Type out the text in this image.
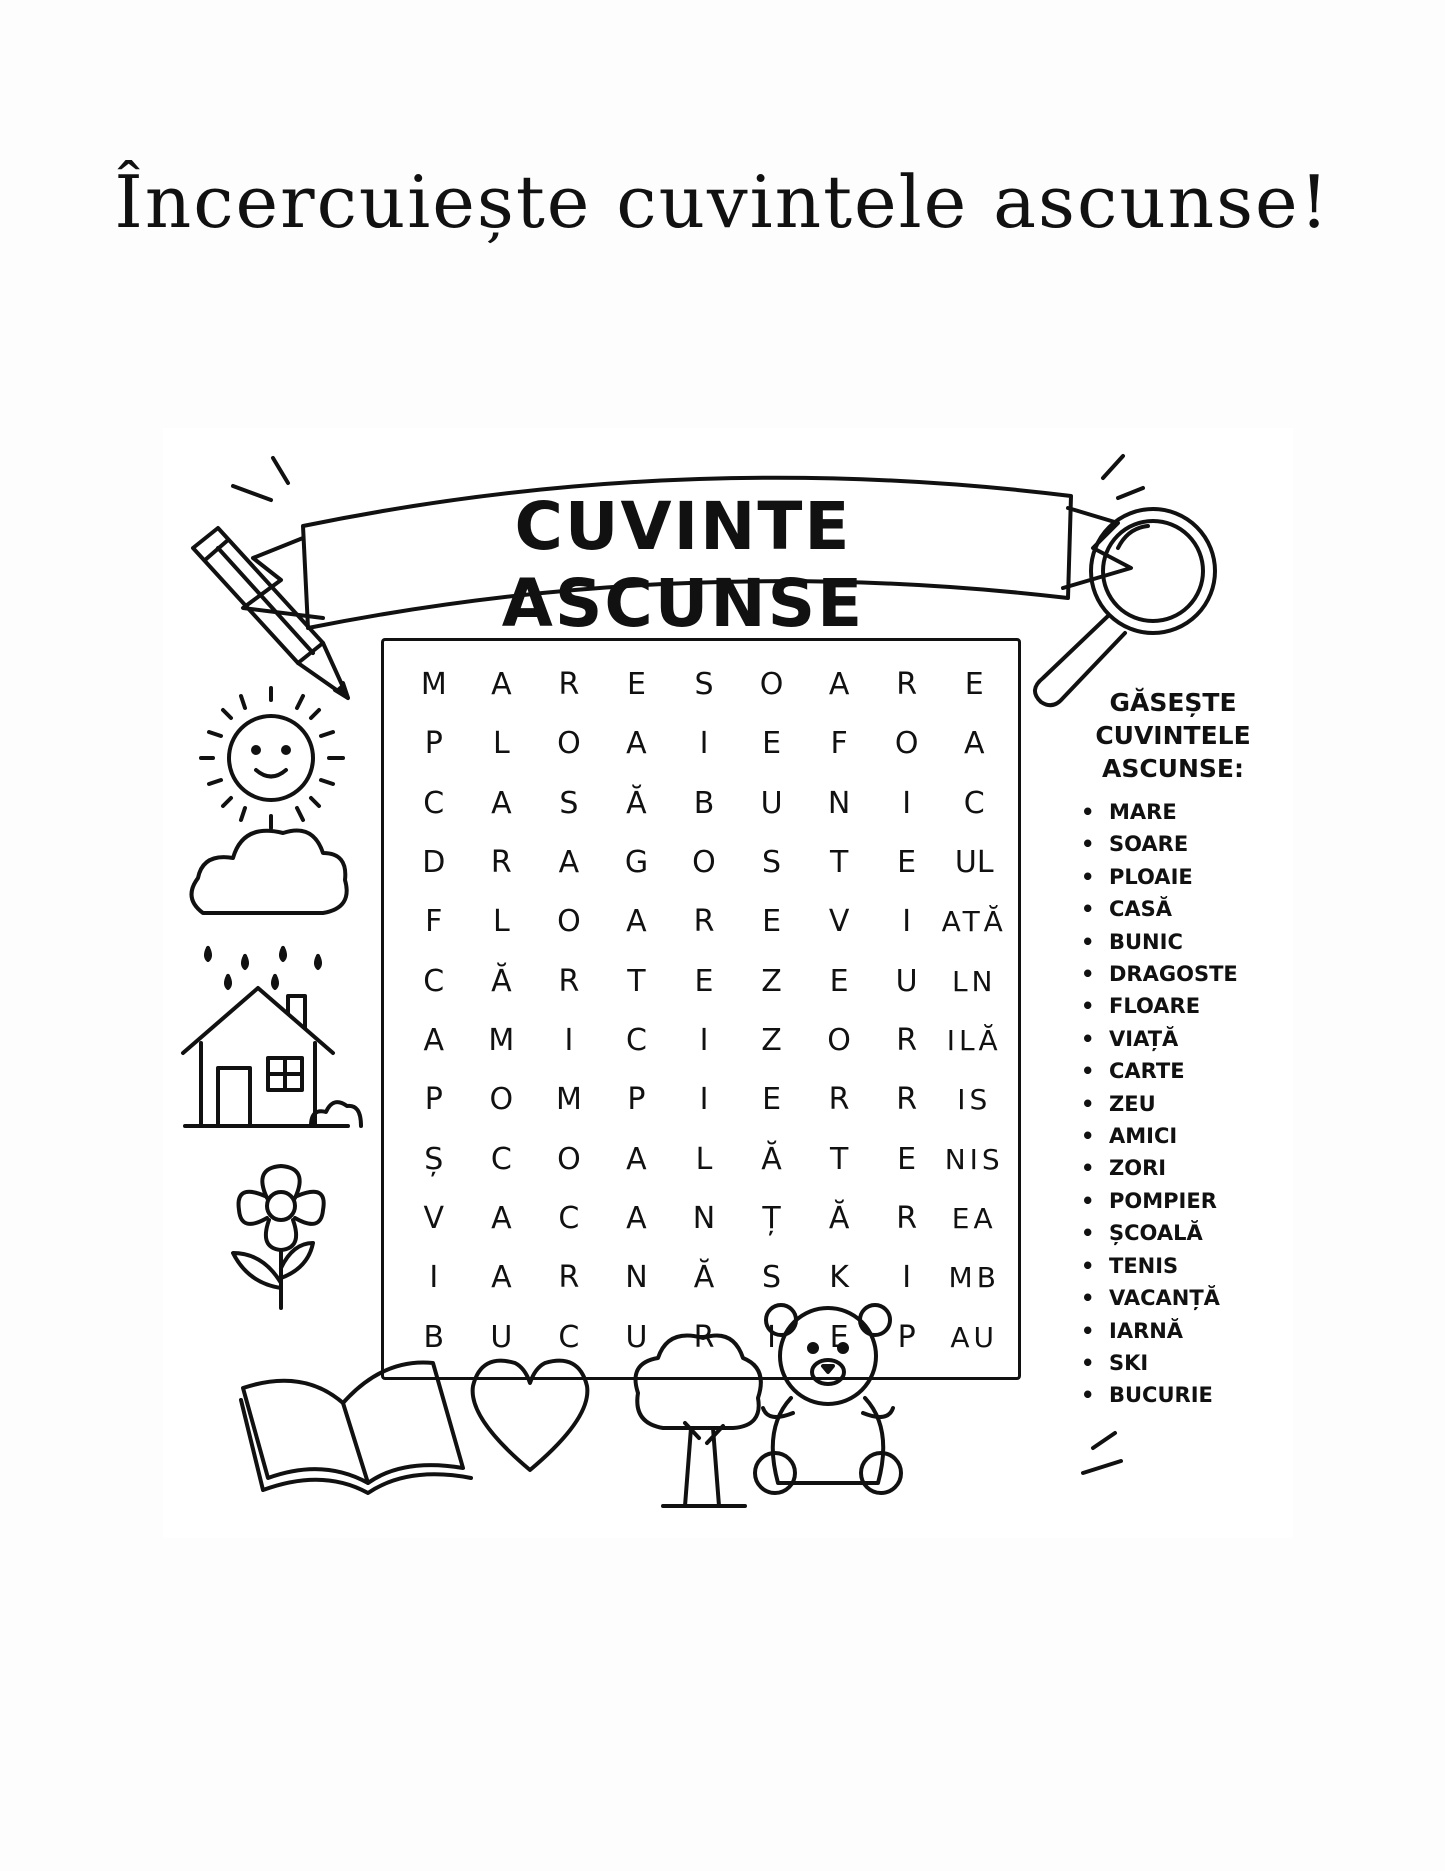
Încercuiește cuvintele ascunse!
CUVINTE ASCUNSE
M	A	R	E	S	O	A	R	E
P	L	O	A	I	E	F	O	A
C	A	S	Ă	B	U	N	I	C
D	R	A	G	O	S	T	E	UL
F	L	O	A	R	E	V	I	ATĂ
C	Ă	R	T	E	Z	E	U	LN
A	M	I	C	I	Z	O	R	ILĂ
P	O	M	P	I	E	R	R	IS
Ș	C	O	A	L	Ă	T	E	NIS
V	A	C	A	N	Ț	Ă	R	EA
I	A	R	N	Ă	S	K	I	MB
B	U	C	U	R	I	E	P	AU
GĂSEȘTE
CUVINTELE
ASCUNSE:
• MARE
• SOARE
• PLOAIE
• CASĂ
• BUNIC
• DRAGOSTE
• FLOARE
• VIAȚĂ
• CARTE
• ZEU
• AMICI
• ZORI
• POMPIER
• ȘCOALĂ
• TENIS
• VACANȚĂ
• IARNĂ
• SKI
• BUCURIE
